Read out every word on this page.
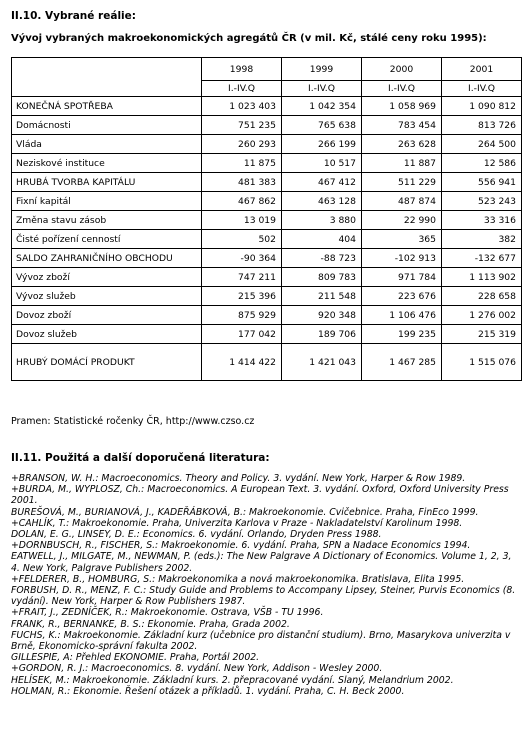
II.10. Vybrané reálie:
Vývoj vybraných makroekonomických agregátů ČR (v mil. Kč, stálé ceny roku 1995):
	1998	1999	2000	2001
	I.-IV.Q	I.-IV.Q	I.-IV.Q	I.-IV.Q
KONEČNÁ SPOTŘEBA	1 023 403	1 042 354	1 058 969	1 090 812
Domácnosti	751 235	765 638	783 454	813 726
Vláda	260 293	266 199	263 628	264 500
Neziskové instituce	11 875	10 517	11 887	12 586
HRUBÁ TVORBA KAPITÁLU	481 383	467 412	511 229	556 941
Fixní kapitál	467 862	463 128	487 874	523 243
Změna stavu zásob	13 019	3 880	22 990	33 316
Čisté pořízení cenností	502	404	365	382
SALDO ZAHRANIČNÍHO OBCHODU	-90 364	-88 723	-102 913	-132 677
Vývoz zboží	747 211	809 783	971 784	1 113 902
Vývoz služeb	215 396	211 548	223 676	228 658
Dovoz zboží	875 929	920 348	1 106 476	1 276 002
Dovoz služeb	177 042	189 706	199 235	215 319
HRUBÝ DOMÁCÍ PRODUKT	1 414 422	1 421 043	1 467 285	1 515 076
Pramen: Statistické ročenky ČR, http://www.czso.cz
II.11. Použitá a další doporučená literatura:

+BRANSON, W. H.: Macroeconomics. Theory and Policy. 3. vydání. New York, Harper & Row 1989.

+BURDA, M., WYPLOSZ, Ch.: Macroeconomics. A European Text. 3. vydání. Oxford, Oxford University Press 2001.

BUREŠOVÁ, M., BURIANOVÁ, J., KADEŘÁBKOVÁ, B.: Makroekonomie. Cvičebnice. Praha, FinEco 1999.

+CAHLÍK, T.: Makroekonomie. Praha, Univerzita Karlova v Praze - Nakladatelství Karolinum 1998.

DOLAN, E. G., LINSEY, D. E.: Economics. 6. vydání. Orlando, Dryden Press 1988.

+DORNBUSCH, R., FISCHER, S.: Makroekonomie. 6. vydání. Praha, SPN a Nadace Economics 1994.

EATWELL, J., MILGATE, M., NEWMAN, P. (eds.): The New Palgrave A Dictionary of Economics. Volume 1, 2, 3, 4. New York, Palgrave Publishers 2002.

+FELDERER, B., HOMBURG, S.: Makroekonomika a nová makroekonomika. Bratislava, Elita 1995.

FORBUSH, D. R., MENZ, F. C.: Study Guide and Problems to Accompany Lipsey, Steiner, Purvis Economics (8. vydání). New York, Harper & Row Publishers 1987.

+FRAIT, J., ZEDNÍČEK, R.: Makroekonomie. Ostrava, VŠB - TU 1996.

FRANK, R., BERNANKE, B. S.: Ekonomie. Praha, Grada 2002.

FUCHS, K.: Makroekonomie. Základní kurz (učebnice pro distanční studium). Brno, Masarykova univerzita v Brně, Ekonomicko-správní fakulta 2002.

GILLESPIE, A: Přehled EKONOMIE. Praha, Portál 2002.

+GORDON, R. J.: Macroeconomics. 8. vydání. New York, Addison - Wesley 2000.

HELÍSEK, M.: Makroekonomie. Základní kurs. 2. přepracované vydání. Slaný, Melandrium 2002.

HOLMAN, R.: Ekonomie. Řešení otázek a příkladů. 1. vydání. Praha, C. H. Beck 2000.
